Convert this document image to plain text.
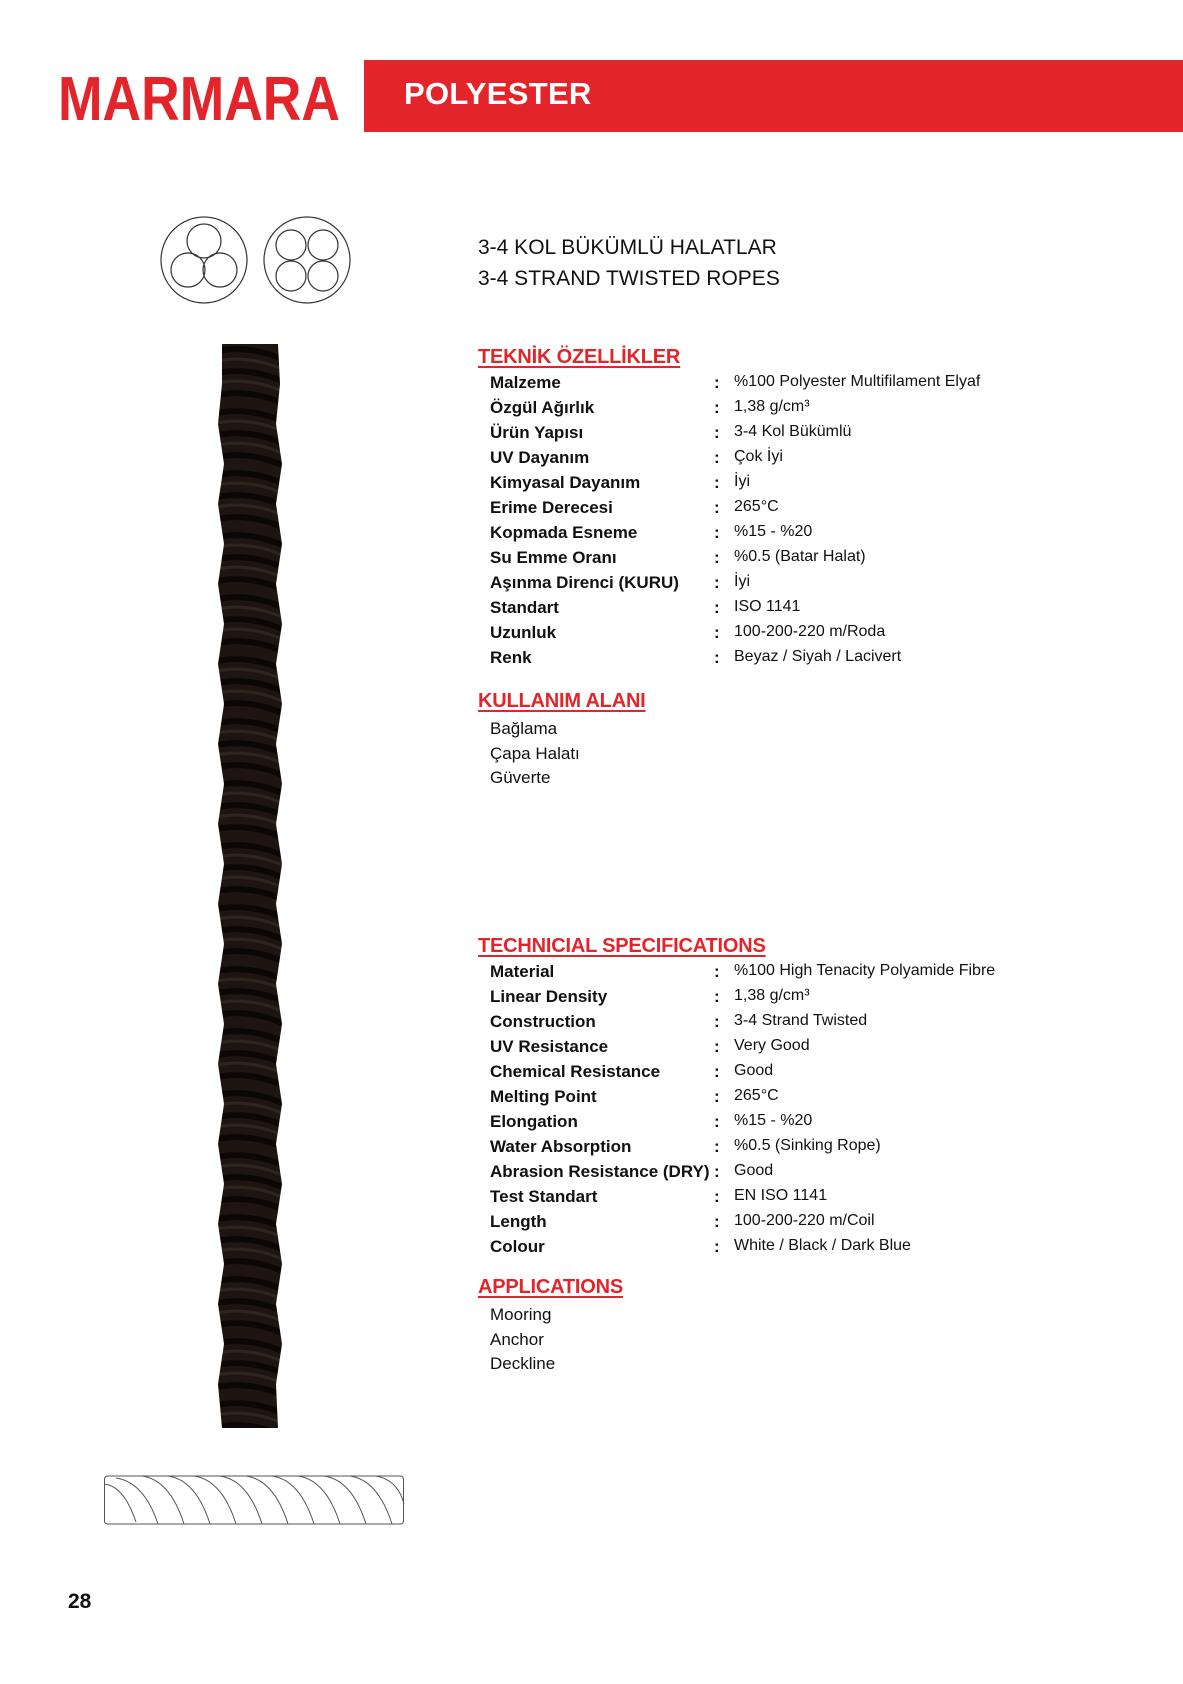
MARMARA POLYESTER
3-4 KOL BÜKÜMLÜ HALATLAR
3-4 STRAND TWISTED ROPES
TEKNİK ÖZELLİKLER
Malzeme	: %100 Polyester Multifilament Elyaf
Özgül Ağırlık	: 1,38 g/cm³
Ürün Yapısı	: 3-4 Kol Bükümlü
UV Dayanım	: Çok İyi
Kimyasal Dayanım	: İyi
Erime Derecesi	: 265°C
Kopmada Esneme	: %15 - %20
Su Emme Oranı	: %0.5 (Batar Halat)
Aşınma Direnci (KURU) : İyi
Standart	: ISO 1141
Uzunluk	: 100-200-220 m/Roda
Renk	: Beyaz / Siyah / Lacivert
KULLANIM ALANI
Bağlama
Çapa Halatı
Güverte
TECHNICIAL SPECIFICATIONS
Material	: %100 High Tenacity Polyamide Fibre
Linear Density	: 1,38 g/cm³
Construction	: 3-4 Strand Twisted
UV Resistance	: Very Good
Chemical Resistance	: Good
Melting Point	: 265°C
Elongation	: %15 - %20
Water Absorption	: %0.5 (Sinking Rope)
Abrasion Resistance (DRY) : Good
Test Standart	: EN ISO 1141
Length	: 100-200-220 m/Coil
Colour	: White / Black / Dark Blue
APPLICATIONS
Mooring
Anchor
Deckline
28
